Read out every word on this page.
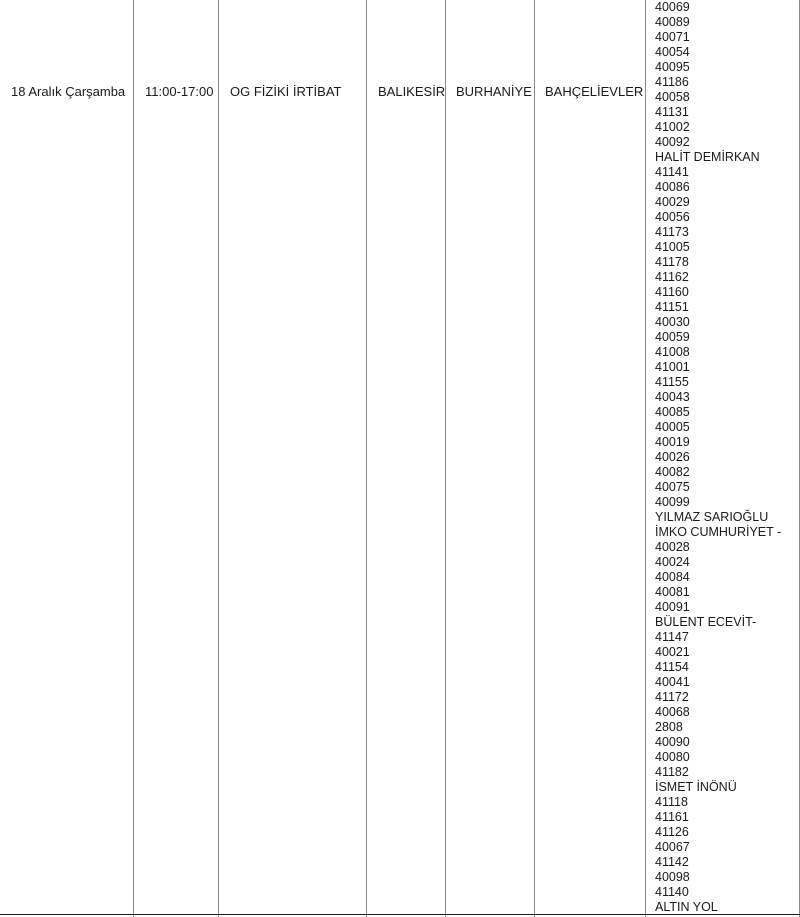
18 Aralık Çarşamba 11:00-17:00 OG FİZİKİ İRTİBAT	BALIKESİR BURHANİYE BAHÇELİEVLER
40069
40089
40071
40054
40095
41186
40058
41131
41002
40092
HALİT DEMİRKAN
41141
40086
40029
40056
41173
41005
41178
41162
41160
41151
40030
40059
41008
41001
41155
40043
40085
40005
40019
40026
40082
40075
40099
YILMAZ SARIOĞLU
İMKO CUMHURİYET -
40028
40024
40084
40081
40091
BÜLENT ECEVİT-
41147
40021
41154
40041
41172
40068
2808
40090
40080
41182
İSMET İNÖNÜ
41118
41161
41126
40067
41142
40098
41140
ALTIN YOL
